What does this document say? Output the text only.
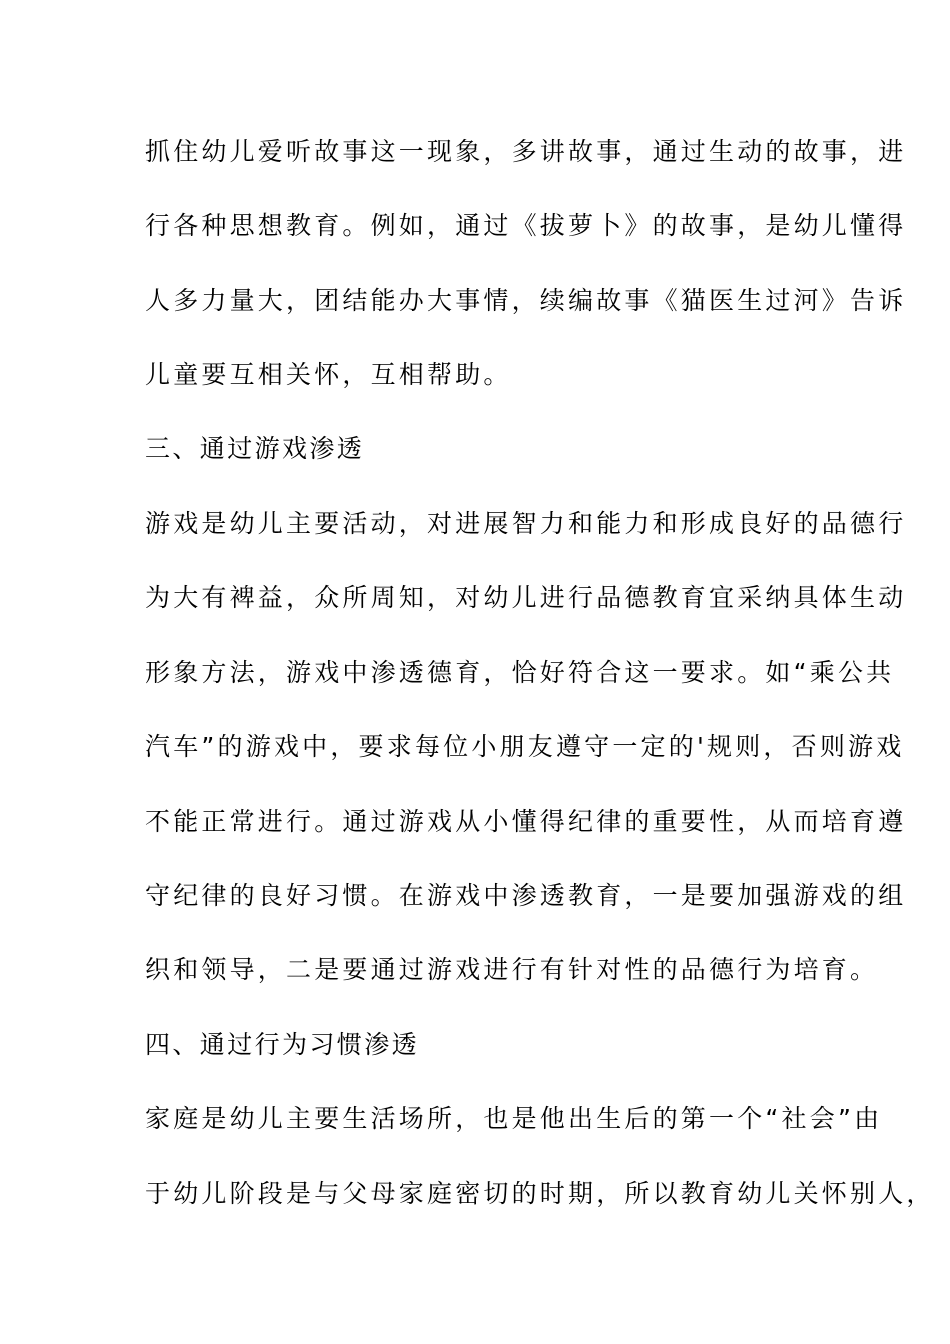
抓住幼儿爱听故事这一现象，多讲故事，通过生动的故事，进
行各种思想教育。例如，通过《拔萝卜》的故事，是幼儿懂得
人多力量大，团结能办大事情，续编故事《猫医生过河》告诉
儿童要互相关怀，互相帮助。
三、通过游戏渗透
游戏是幼儿主要活动，对进展智力和能力和形成良好的品德行
为大有裨益，众所周知，对幼儿进行品德教育宜采纳具体生动
形象方法，游戏中渗透德育，恰好符合这一要求。如“乘公共
汽车”的游戏中，要求每位小朋友遵守一定的'规则，否则游戏
不能正常进行。通过游戏从小懂得纪律的重要性，从而培育遵
守纪律的良好习惯。在游戏中渗透教育，一是要加强游戏的组
织和领导，二是要通过游戏进行有针对性的品德行为培育。
四、通过行为习惯渗透
家庭是幼儿主要生活场所，也是他出生后的第一个“社会”由
于幼儿阶段是与父母家庭密切的时期，所以教育幼儿关怀别人，
